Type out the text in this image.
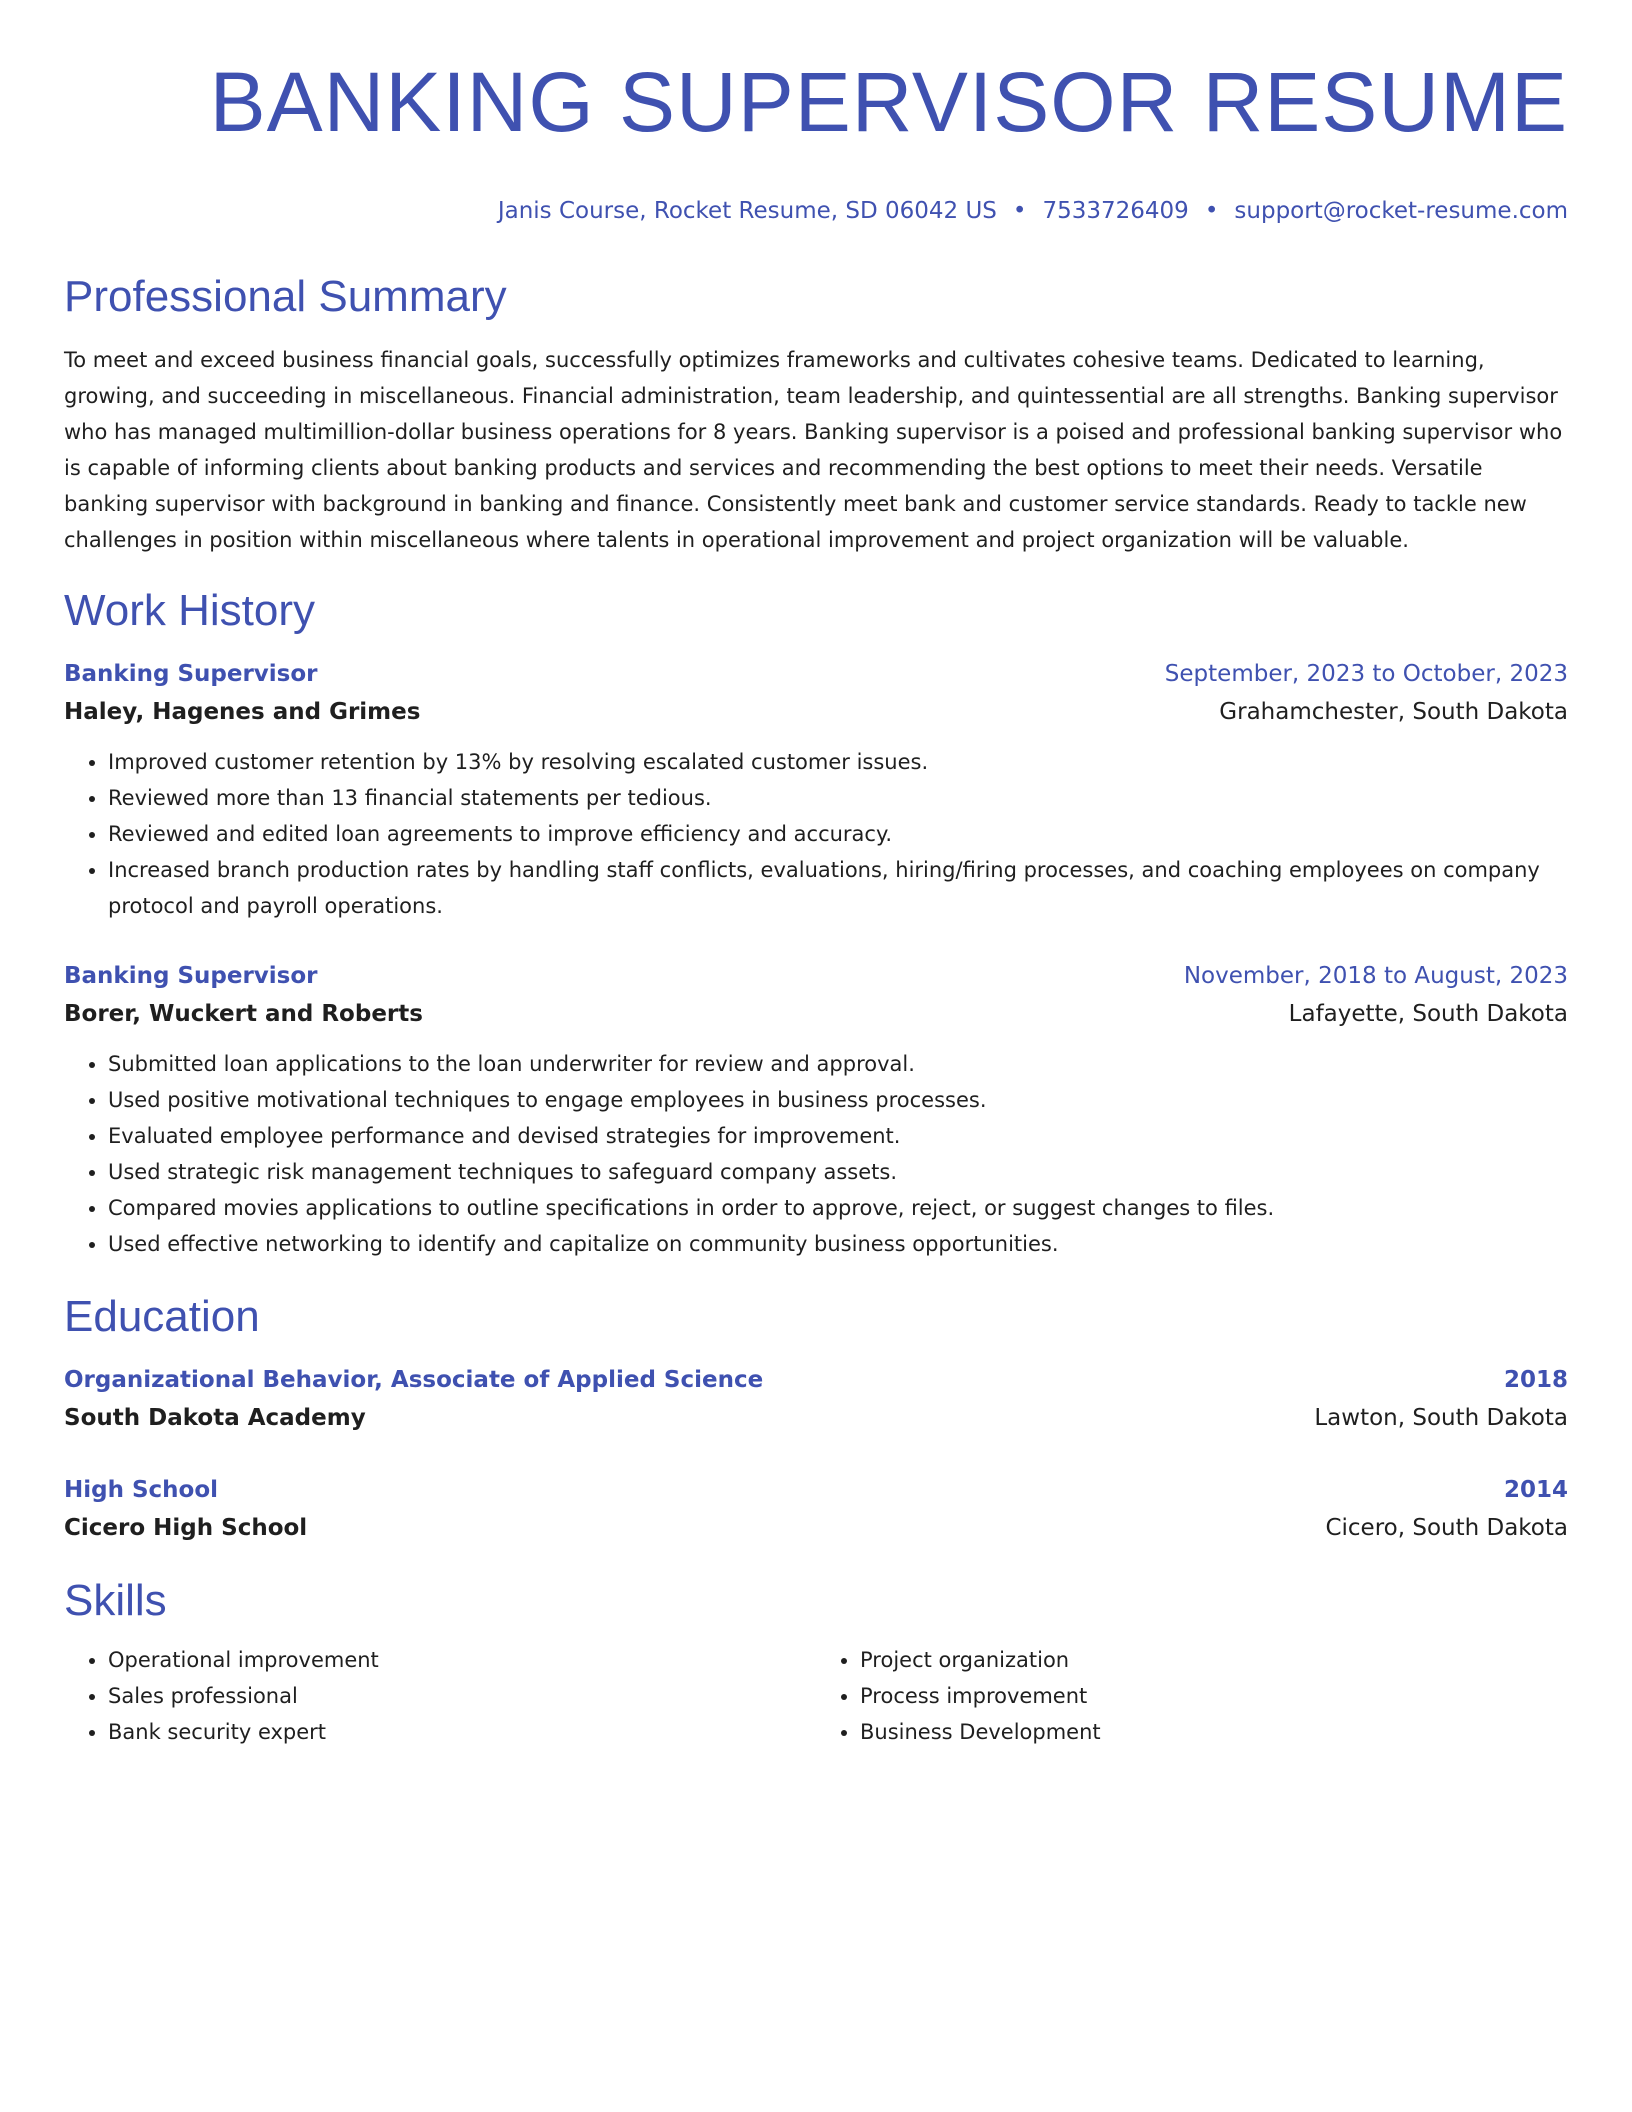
BANKING SUPERVISOR RESUME
Janis Course, Rocket Resume, SD 06042 US • 7533726409 • support@rocket-resume.com
Professional Summary

To meet and exceed business financial goals, successfully optimizes frameworks and cultivates cohesive teams. Dedicated to learning, growing, and succeeding in miscellaneous. Financial administration, team leadership, and quintessential are all strengths. Banking supervisor who has managed multimillion-dollar business operations for 8 years. Banking supervisor is a poised and professional banking supervisor who is capable of informing clients about banking products and services and recommending the best options to meet their needs. Versatile banking supervisor with background in banking and finance. Consistently meet bank and customer service standards. Ready to tackle new challenges in position within miscellaneous where talents in operational improvement and project organization will be valuable.

Work History
Banking Supervisor	September, 2023 to October, 2023
Haley, Hagenes and Grimes	Grahamchester, South Dakota
• Improved customer retention by 13% by resolving escalated customer issues.
• Reviewed more than 13 financial statements per tedious.
• Reviewed and edited loan agreements to improve efficiency and accuracy.
• Increased branch production rates by handling staff conflicts, evaluations, hiring/firing processes, and coaching employees on company protocol and payroll operations.
Banking Supervisor	November, 2018 to August, 2023
Borer, Wuckert and Roberts	Lafayette, South Dakota
• Submitted loan applications to the loan underwriter for review and approval.
• Used positive motivational techniques to engage employees in business processes.
• Evaluated employee performance and devised strategies for improvement.
• Used strategic risk management techniques to safeguard company assets.
• Compared movies applications to outline specifications in order to approve, reject, or suggest changes to files.
• Used effective networking to identify and capitalize on community business opportunities.
Education
Organizational Behavior, Associate of Applied Science	2018
South Dakota Academy	Lawton, South Dakota
High School	2014
Cicero High School	Cicero, South Dakota
Skills
• Operational improvement
• Sales professional
• Bank security expert
• Project organization
• Process improvement
• Business Development
